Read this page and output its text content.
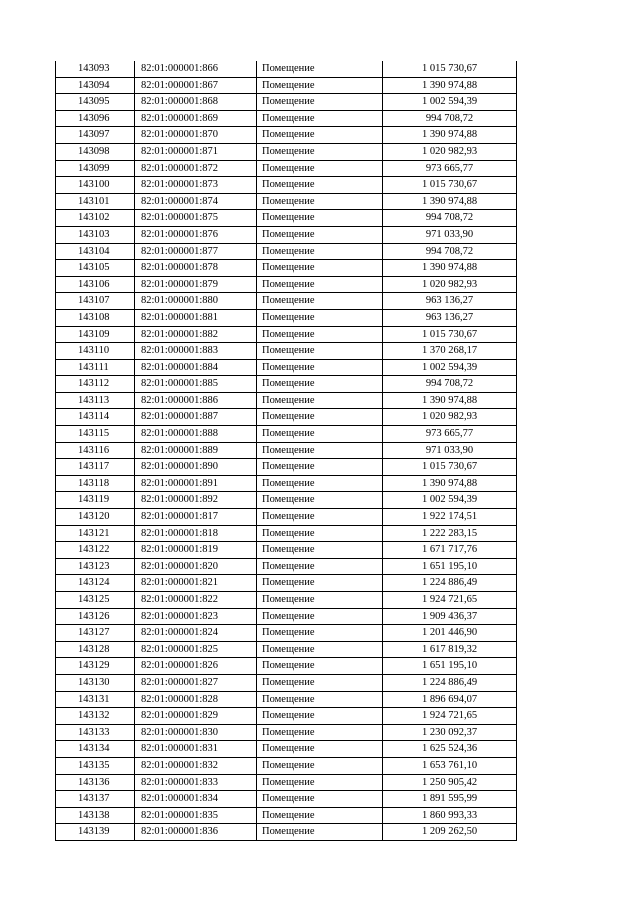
143093	82:01:000001:866	Помещение	1 015 730,67
143094	82:01:000001:867	Помещение	1 390 974,88
143095	82:01:000001:868	Помещение	1 002 594,39
143096	82:01:000001:869	Помещение	994 708,72
143097	82:01:000001:870	Помещение	1 390 974,88
143098	82:01:000001:871	Помещение	1 020 982,93
143099	82:01:000001:872	Помещение	973 665,77
143100	82:01:000001:873	Помещение	1 015 730,67
143101	82:01:000001:874	Помещение	1 390 974,88
143102	82:01:000001:875	Помещение	994 708,72
143103	82:01:000001:876	Помещение	971 033,90
143104	82:01:000001:877	Помещение	994 708,72
143105	82:01:000001:878	Помещение	1 390 974,88
143106	82:01:000001:879	Помещение	1 020 982,93
143107	82:01:000001:880	Помещение	963 136,27
143108	82:01:000001:881	Помещение	963 136,27
143109	82:01:000001:882	Помещение	1 015 730,67
143110	82:01:000001:883	Помещение	1 370 268,17
143111	82:01:000001:884	Помещение	1 002 594,39
143112	82:01:000001:885	Помещение	994 708,72
143113	82:01:000001:886	Помещение	1 390 974,88
143114	82:01:000001:887	Помещение	1 020 982,93
143115	82:01:000001:888	Помещение	973 665,77
143116	82:01:000001:889	Помещение	971 033,90
143117	82:01:000001:890	Помещение	1 015 730,67
143118	82:01:000001:891	Помещение	1 390 974,88
143119	82:01:000001:892	Помещение	1 002 594,39
143120	82:01:000001:817	Помещение	1 922 174,51
143121	82:01:000001:818	Помещение	1 222 283,15
143122	82:01:000001:819	Помещение	1 671 717,76
143123	82:01:000001:820	Помещение	1 651 195,10
143124	82:01:000001:821	Помещение	1 224 886,49
143125	82:01:000001:822	Помещение	1 924 721,65
143126	82:01:000001:823	Помещение	1 909 436,37
143127	82:01:000001:824	Помещение	1 201 446,90
143128	82:01:000001:825	Помещение	1 617 819,32
143129	82:01:000001:826	Помещение	1 651 195,10
143130	82:01:000001:827	Помещение	1 224 886,49
143131	82:01:000001:828	Помещение	1 896 694,07
143132	82:01:000001:829	Помещение	1 924 721,65
143133	82:01:000001:830	Помещение	1 230 092,37
143134	82:01:000001:831	Помещение	1 625 524,36
143135	82:01:000001:832	Помещение	1 653 761,10
143136	82:01:000001:833	Помещение	1 250 905,42
143137	82:01:000001:834	Помещение	1 891 595,99
143138	82:01:000001:835	Помещение	1 860 993,33
143139	82:01:000001:836	Помещение	1 209 262,50
